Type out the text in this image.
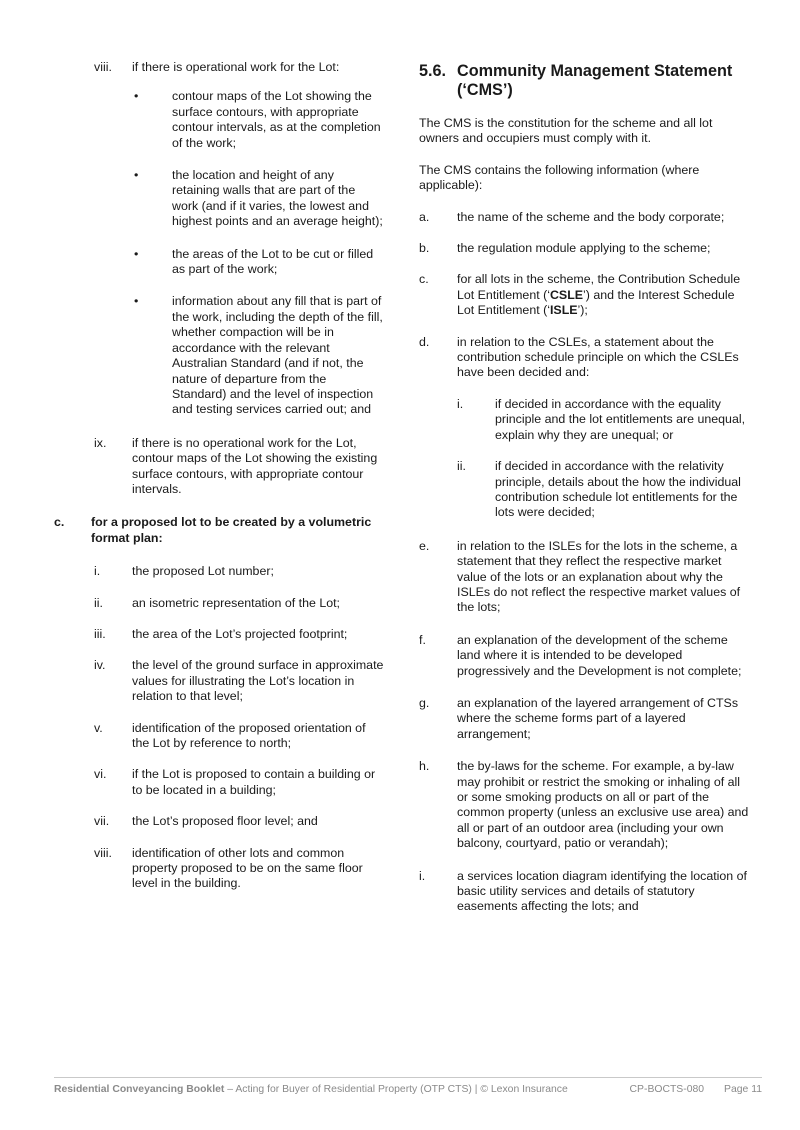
viii.	if there is operational work for the Lot:
•	contour maps of the Lot showing the surface contours, with appropriate contour intervals, as at the completion of the work;
•	the location and height of any retaining walls that are part of the work (and if it varies, the lowest and highest points and an average height);
•	the areas of the Lot to be cut or filled as part of the work;
•	information about any fill that is part of the work, including the depth of the fill, whether compaction will be in accordance with the relevant Australian Standard (and if not, the nature of departure from the Standard) and the level of inspection and testing services carried out; and
ix.	if there is no operational work for the Lot, contour maps of the Lot showing the existing surface contours, with appropriate contour intervals.
c.	for a proposed lot to be created by a volumetric format plan:
i.	the proposed Lot number;
ii.	an isometric representation of the Lot;
iii.	the area of the Lot’s projected footprint;
iv.	the level of the ground surface in approximate values for illustrating the Lot’s location in relation to that level;
v.	identification of the proposed orientation of the Lot by reference to north;
vi.	if the Lot is proposed to contain a building or to be located in a building;
vii.	the Lot’s proposed floor level; and
viii.	identification of other lots and common property proposed to be on the same floor level in the building.
5.6. Community Management Statement (‘CMS’)
The CMS is the constitution for the scheme and all lot owners and occupiers must comply with it.
The CMS contains the following information (where applicable):
a.	the name of the scheme and the body corporate;
b.	the regulation module applying to the scheme;
c.	for all lots in the scheme, the Contribution Schedule Lot Entitlement (‘CSLE’) and the Interest Schedule Lot Entitlement (‘ISLE’);
d.	in relation to the CSLEs, a statement about the contribution schedule principle on which the CSLEs have been decided and:
i.	if decided in accordance with the equality principle and the lot entitlements are unequal, explain why they are unequal; or
ii.	if decided in accordance with the relativity principle, details about the how the individual contribution schedule lot entitlements for the lots were decided;
e.	in relation to the ISLEs for the lots in the scheme, a statement that they reflect the respective market value of the lots or an explanation about why the ISLEs do not reflect the respective market values of the lots;
f.	an explanation of the development of the scheme land where it is intended to be developed progressively and the Development is not complete;
g.	an explanation of the layered arrangement of CTSs where the scheme forms part of a layered arrangement;
h.	the by-laws for the scheme. For example, a by-law may prohibit or restrict the smoking or inhaling of all or some smoking products on all or part of the common property (unless an exclusive use area) and all or part of an outdoor area (including your own balcony, courtyard, patio or verandah);
i.	a services location diagram identifying the location of basic utility services and details of statutory easements affecting the lots; and
Residential Conveyancing Booklet – Acting for Buyer of Residential Property (OTP CTS) | © Lexon Insurance	CP-BOCTS-080 Page 11
